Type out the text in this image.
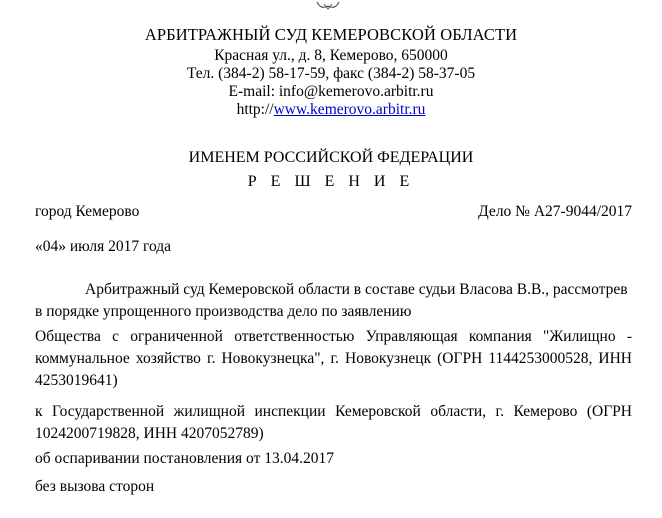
АРБИТРАЖНЫЙ СУД КЕМЕРОВСКОЙ ОБЛАСТИ
Красная ул., д. 8, Кемерово, 650000
Тел. (384-2) 58-17-59, факс (384-2) 58-37-05
E-mail: info@kemerovo.arbitr.ru
http://www.kemerovo.arbitr.ru
ИМЕНЕМ РОССИЙСКОЙ ФЕДЕРАЦИИ
Р Е Ш Е Н И Е
город Кемерово	Дело № А27-9044/2017
«04» июля 2017 года
Арбитражный суд Кемеровской области в составе судьи Власова В.В., рассмотрев
в порядке упрощенного производства дело по заявлению
Общества с ограниченной ответственностью Управляющая компания "Жилищно -
коммунальное хозяйство г. Новокузнецка", г. Новокузнецк (ОГРН 1144253000528, ИНН
4253019641)
к Государственной жилищной инспекции Кемеровской области, г. Кемерово (ОГРН
1024200719828, ИНН 4207052789)
об оспаривании постановления от 13.04.2017
без вызова сторон
